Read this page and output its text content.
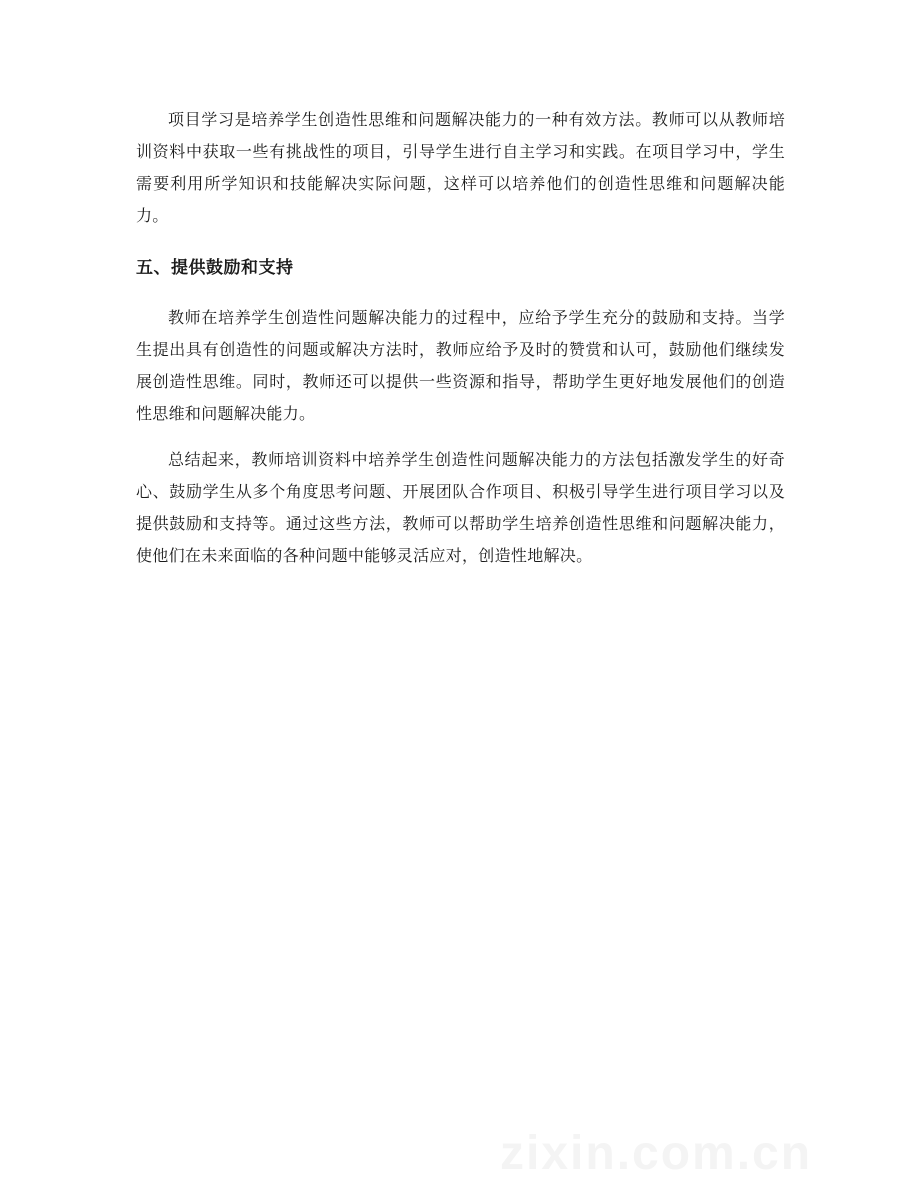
项目学习是培养学生创造性思维和问题解决能力的一种有效方法。教师可以从教师培训资料中获取一些有挑战性的项目，引导学生进行自主学习和实践。在项目学习中，学生需要利用所学知识和技能解决实际问题，这样可以培养他们的创造性思维和问题解决能力。

五、提供鼓励和支持

教师在培养学生创造性问题解决能力的过程中，应给予学生充分的鼓励和支持。当学生提出具有创造性的问题或解决方法时，教师应给予及时的赞赏和认可，鼓励他们继续发展创造性思维。同时，教师还可以提供一些资源和指导，帮助学生更好地发展他们的创造性思维和问题解决能力。

总结起来，教师培训资料中培养学生创造性问题解决能力的方法包括激发学生的好奇心、鼓励学生从多个角度思考问题、开展团队合作项目、积极引导学生进行项目学习以及提供鼓励和支持等。通过这些方法，教师可以帮助学生培养创造性思维和问题解决能力，使他们在未来面临的各种问题中能够灵活应对，创造性地解决。

zixin.com.cn
